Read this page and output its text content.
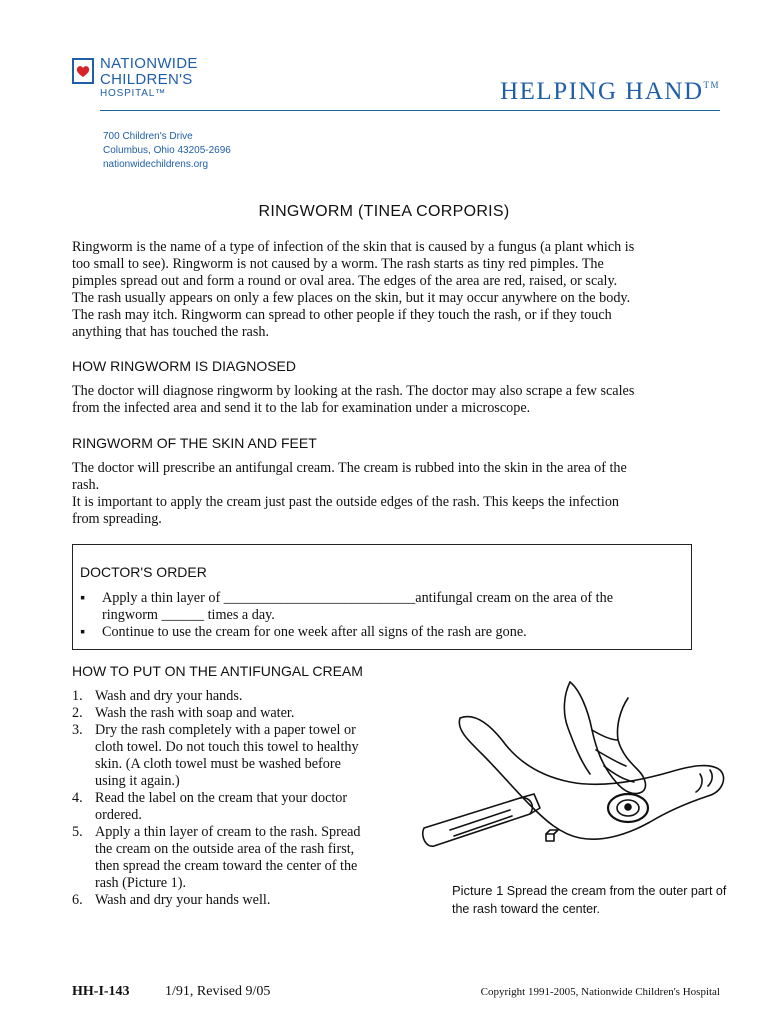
NATIONWIDE
CHILDREN'S
HOSPITAL™	HELPING HAND™
700 Children's Drive
Columbus, Ohio 43205-2696
nationwidechildrens.org
RINGWORM (TINEA CORPORIS)
Ringworm is the name of a type of infection of the skin that is caused by a fungus (a plant which is
too small to see). Ringworm is not caused by a worm. The rash starts as tiny red pimples. The
pimples spread out and form a round or oval area. The edges of the area are red, raised, or scaly.
The rash usually appears on only a few places on the skin, but it may occur anywhere on the body.
The rash may itch. Ringworm can spread to other people if they touch the rash, or if they touch
anything that has touched the rash.
HOW RINGWORM IS DIAGNOSED
The doctor will diagnose ringworm by looking at the rash. The doctor may also scrape a few scales
from the infected area and send it to the lab for examination under a microscope.
RINGWORM OF THE SKIN AND FEET
The doctor will prescribe an antifungal cream. The cream is rubbed into the skin in the area of the
rash.
It is important to apply the cream just past the outside edges of the rash. This keeps the infection
from spreading.
DOCTOR'S ORDER
▪ Apply a thin layer of ___________________________antifungal cream on the area of the
ringworm ______ times a day.
▪ Continue to use the cream for one week after all signs of the rash are gone.
HOW TO PUT ON THE ANTIFUNGAL CREAM
1. Wash and dry your hands.
2. Wash the rash with soap and water.
3. Dry the rash completely with a paper towel or
cloth towel. Do not touch this towel to healthy
skin. (A cloth towel must be washed before
using it again.)
4. Read the label on the cream that your doctor
ordered.
5. Apply a thin layer of cream to the rash. Spread
the cream on the outside area of the rash first,
then spread the cream toward the center of the
rash (Picture 1).
6. Wash and dry your hands well.
Picture 1 Spread the cream from the outer part of the rash toward the center.
HH-I-143	1/91, Revised 9/05	Copyright 1991-2005, Nationwide Children's Hospital
